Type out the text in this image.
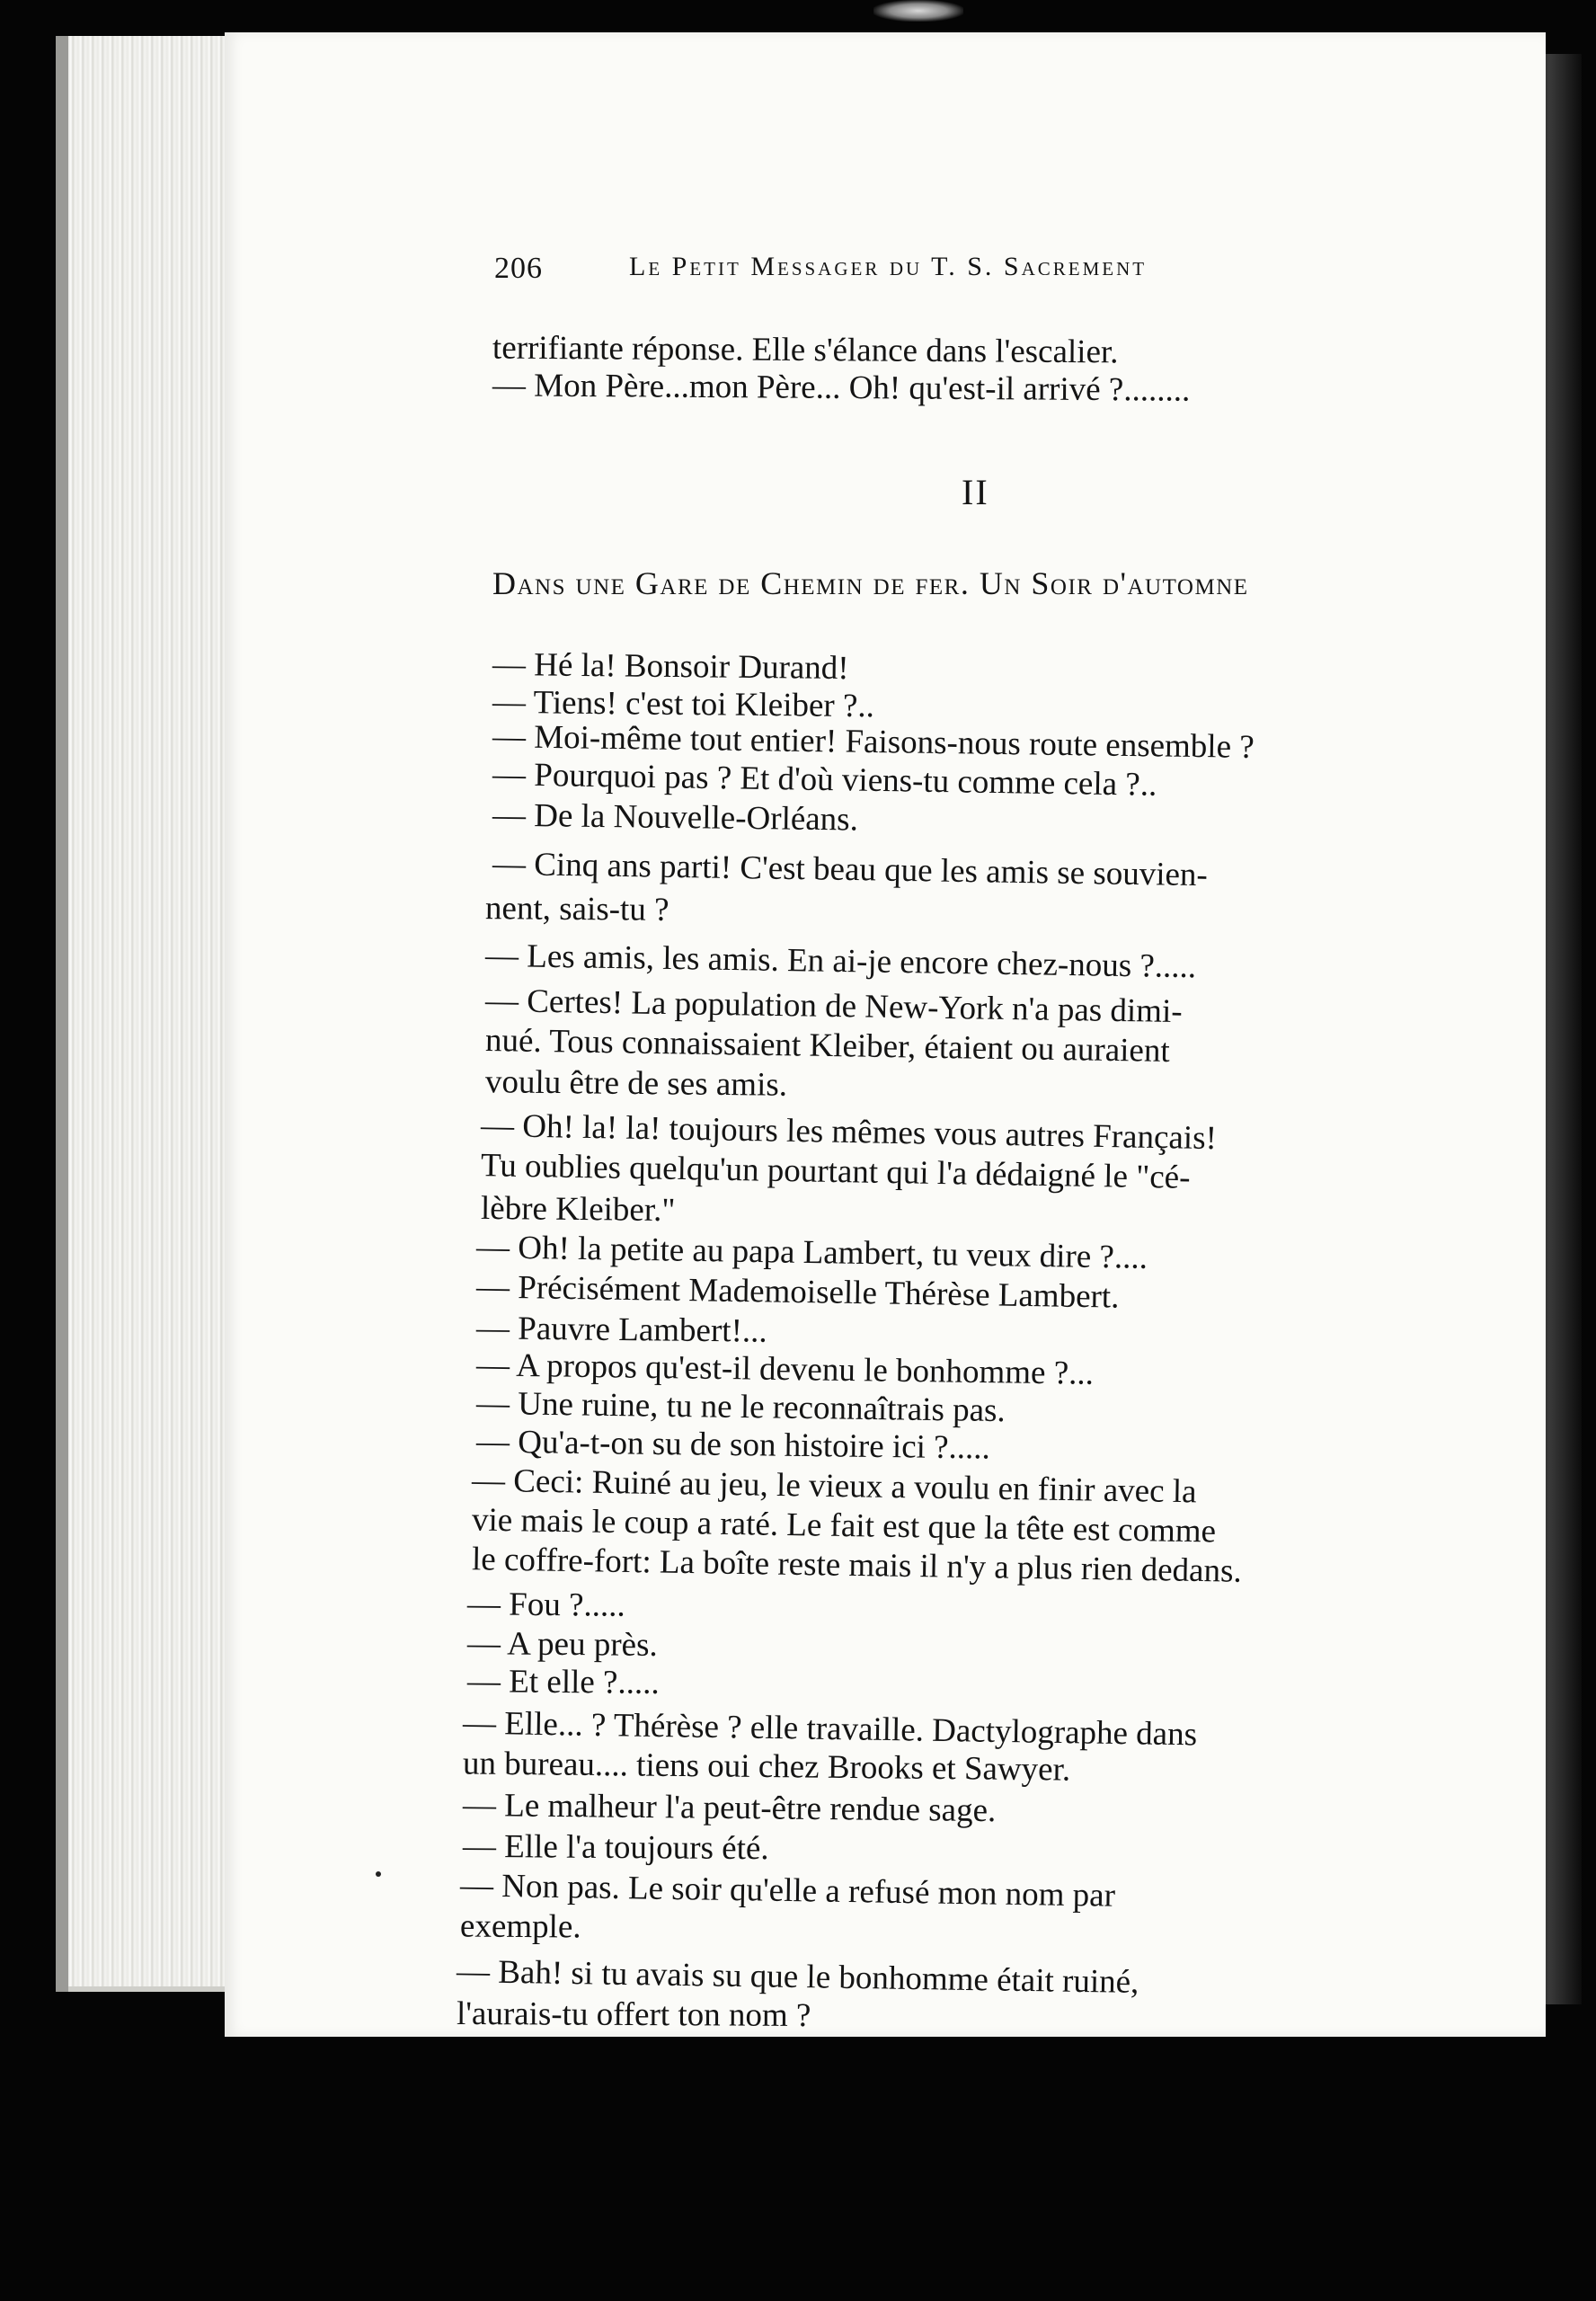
206	Le Petit Messager du T. S. Sacrement

terrifiante réponse. Elle s'élance dans l'escalier.

— Mon Père...mon Père... Oh! qu'est-il arrivé ?........

II

Dans une Gare de Chemin de fer. Un Soir d'automne

— Hé la! Bonsoir Durand!

— Tiens! c'est toi Kleiber ?..

— Moi-même tout entier! Faisons-nous route ensemble ?

— Pourquoi pas ? Et d'où viens-tu comme cela ?..

— De la Nouvelle-Orléans.

— Cinq ans parti! C'est beau que les amis se souvien-

nent, sais-tu ?

— Les amis, les amis. En ai-je encore chez-nous ?.....

— Certes! La population de New-York n'a pas dimi-

nué. Tous connaissaient Kleiber, étaient ou auraient

voulu être de ses amis.

— Oh! la! la! toujours les mêmes vous autres Français!

Tu oublies quelqu'un pourtant qui l'a dédaigné le "cé-

lèbre Kleiber."

— Oh! la petite au papa Lambert, tu veux dire ?....

— Précisément Mademoiselle Thérèse Lambert.

— Pauvre Lambert!...

— A propos qu'est-il devenu le bonhomme ?...

— Une ruine, tu ne le reconnaîtrais pas.

— Qu'a-t-on su de son histoire ici ?.....

— Ceci: Ruiné au jeu, le vieux a voulu en finir avec la

vie mais le coup a raté. Le fait est que la tête est comme

le coffre-fort: La boîte reste mais il n'y a plus rien dedans.

— Fou ?.....

— A peu près.

— Et elle ?.....

— Elle... ? Thérèse ? elle travaille. Dactylographe dans

un bureau.... tiens oui chez Brooks et Sawyer.

— Le malheur l'a peut-être rendue sage.

— Elle l'a toujours été.

— Non pas. Le soir qu'elle a refusé mon nom par

exemple.

— Bah! si tu avais su que le bonhomme était ruiné,

l'aurais-tu offert ton nom ?
